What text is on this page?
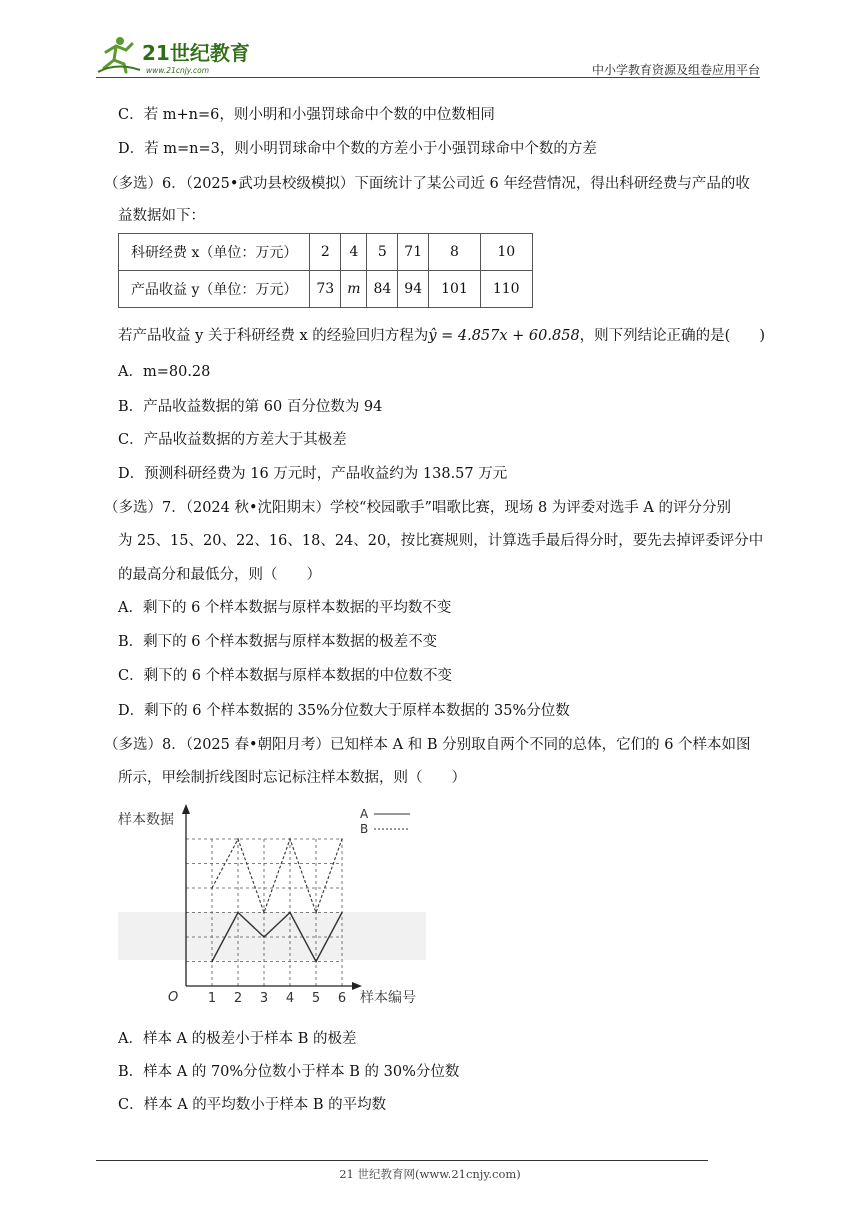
21世纪教育
www.21cnjy.com	中小学教育资源及组卷应用平台
C．若 m+n=6，则小明和小强罚球命中个数的中位数相同
D．若 m=n=3，则小明罚球命中个数的方差小于小强罚球命中个数的方差
（多选）6．（2025•武功县校级模拟）下面统计了某公司近 6 年经营情况，得出科研经费与产品的收
益数据如下：
科研经费 x（单位：万元）	2	4	5	71	8	10
产品收益 y（单位：万元）	73	m	84	94	101	110
若产品收益 y 关于科研经费 x 的经验回归方程为ŷ = 4.857x + 60.858，则下列结论正确的是(　　)
A．m=80.28
B．产品收益数据的第 60 百分位数为 94
C．产品收益数据的方差大于其极差
D．预测科研经费为 16 万元时，产品收益约为 138.57 万元
（多选）7．（2024 秋•沈阳期末）学校“校园歌手”唱歌比赛，现场 8 为评委对选手 A 的评分分别
为 25、15、20、22、16、18、24、20，按比赛规则，计算选手最后得分时，要先去掉评委评分中
的最高分和最低分，则（　　）
A．剩下的 6 个样本数据与原样本数据的平均数不变
B．剩下的 6 个样本数据与原样本数据的极差不变
C．剩下的 6 个样本数据与原样本数据的中位数不变
D．剩下的 6 个样本数据的 35%分位数大于原样本数据的 35%分位数
（多选）8．（2025 春•朝阳月考）已知样本 A 和 B 分别取自两个不同的总体，它们的 6 个样本如图
所示，甲绘制折线图时忘记标注样本数据，则（　　）
样本数据
样本编号
O 1 2 3 4 5 6
A
B
A．样本 A 的极差小于样本 B 的极差
B．样本 A 的 70%分位数小于样本 B 的 30%分位数
C．样本 A 的平均数小于样本 B 的平均数
21 世纪教育网(www.21cnjy.com)
